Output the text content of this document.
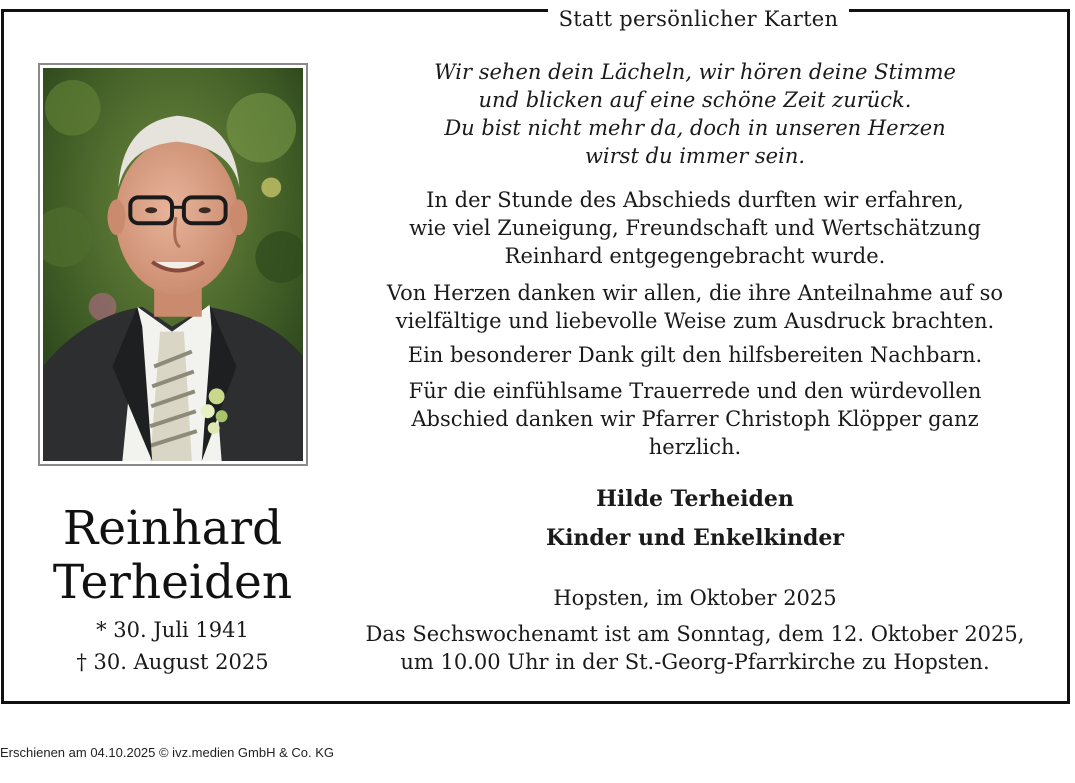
Statt persönlicher Karten
Reinhard
Terheiden
* 30. Juli 1941
† 30. August 2025
Wir sehen dein Lächeln, wir hören deine Stimme
und blicken auf eine schöne Zeit zurück.
Du bist nicht mehr da, doch in unseren Herzen
wirst du immer sein.
In der Stunde des Abschieds durften wir erfahren,
wie viel Zuneigung, Freundschaft und Wertschätzung
Reinhard entgegengebracht wurde.
Von Herzen danken wir allen, die ihre Anteilnahme auf so
vielfältige und liebevolle Weise zum Ausdruck brachten.
Ein besonderer Dank gilt den hilfsbereiten Nachbarn.
Für die einfühlsame Trauerrede und den würdevollen
Abschied danken wir Pfarrer Christoph Klöpper ganz
herzlich.
Hilde Terheiden
Kinder und Enkelkinder
Hopsten, im Oktober 2025
Das Sechswochenamt ist am Sonntag, dem 12. Oktober 2025,
um 10.00 Uhr in der St.-Georg-Pfarrkirche zu Hopsten.
Erschienen am 04.10.2025 © ivz.medien GmbH & Co. KG
